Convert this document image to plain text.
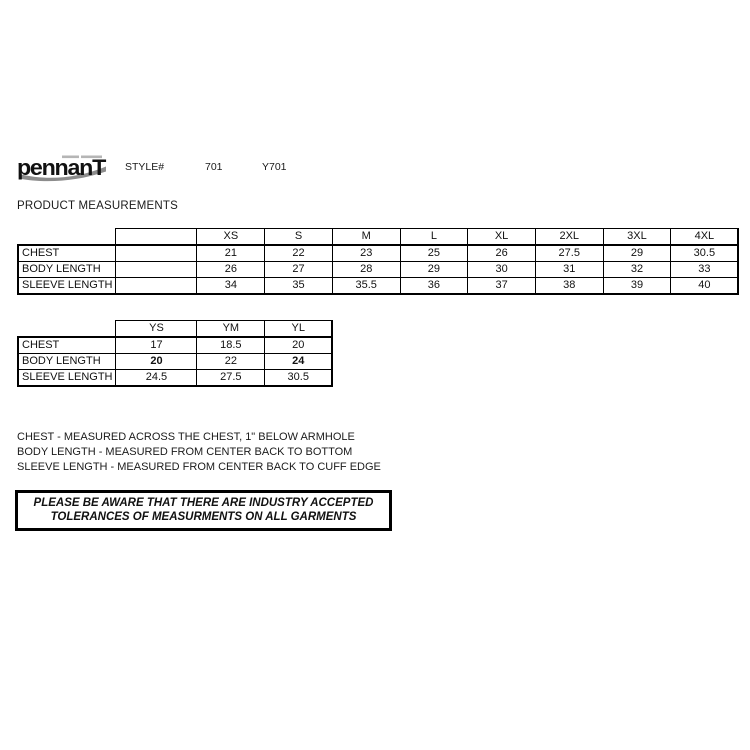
pennanT STYLE#	701	Y701
PRODUCT MEASUREMENTS
		XS	S	M	L	XL	2XL	3XL	4XL
CHEST		21	22	23	25	26	27.5	29	30.5
BODY LENGTH		26	27	28	29	30	31	32	33
SLEEVE LENGTH		34	35	35.5	36	37	38	39	40
	YS	YM	YL
CHEST	17	18.5	20
BODY LENGTH	20	22	24
SLEEVE LENGTH	24.5	27.5	30.5
CHEST - MEASURED ACROSS THE CHEST, 1" BELOW ARMHOLE
BODY LENGTH - MEASURED FROM CENTER BACK TO BOTTOM
SLEEVE LENGTH - MEASURED FROM CENTER BACK TO CUFF EDGE
PLEASE BE AWARE THAT THERE ARE INDUSTRY ACCEPTED
TOLERANCES OF MEASURMENTS ON ALL GARMENTS
